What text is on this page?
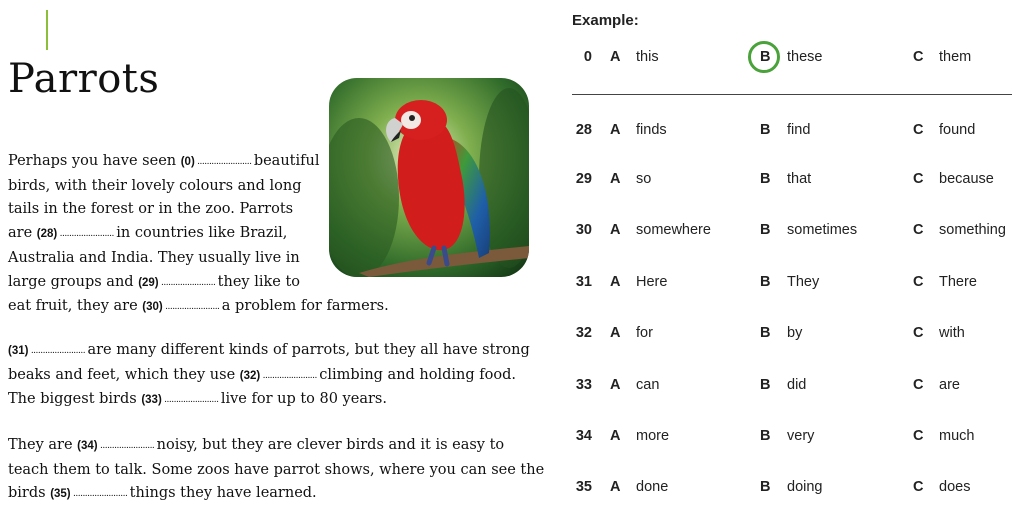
Parrots
Perhaps you have seen (0) ....................... beautiful
birds, with their lovely colours and long
tails in the forest or in the zoo. Parrots
are (28) ....................... in countries like Brazil,
Australia and India. They usually live in
large groups and (29) ....................... they like to
eat fruit, they are (30) ....................... a problem for farmers.
(31) ....................... are many different kinds of parrots, but they all have strong
beaks and feet, which they use (32) ....................... climbing and holding food.
The biggest birds (33) ....................... live for up to 80 years.
They are (34) ....................... noisy, but they are clever birds and it is easy to
teach them to talk. Some zoos have parrot shows, where you can see the
birds (35) ....................... things they have learned.
Example:
0 A this	B these	C them
28 A finds	B find	C found
29 A so	B that	C because
30 A somewhere	B sometimes	C something
31 A Here	B They	C There
32 A for	B by	C with
33 A can	B did	C are
34 A more	B very	C much
35 A done	B doing	C does
